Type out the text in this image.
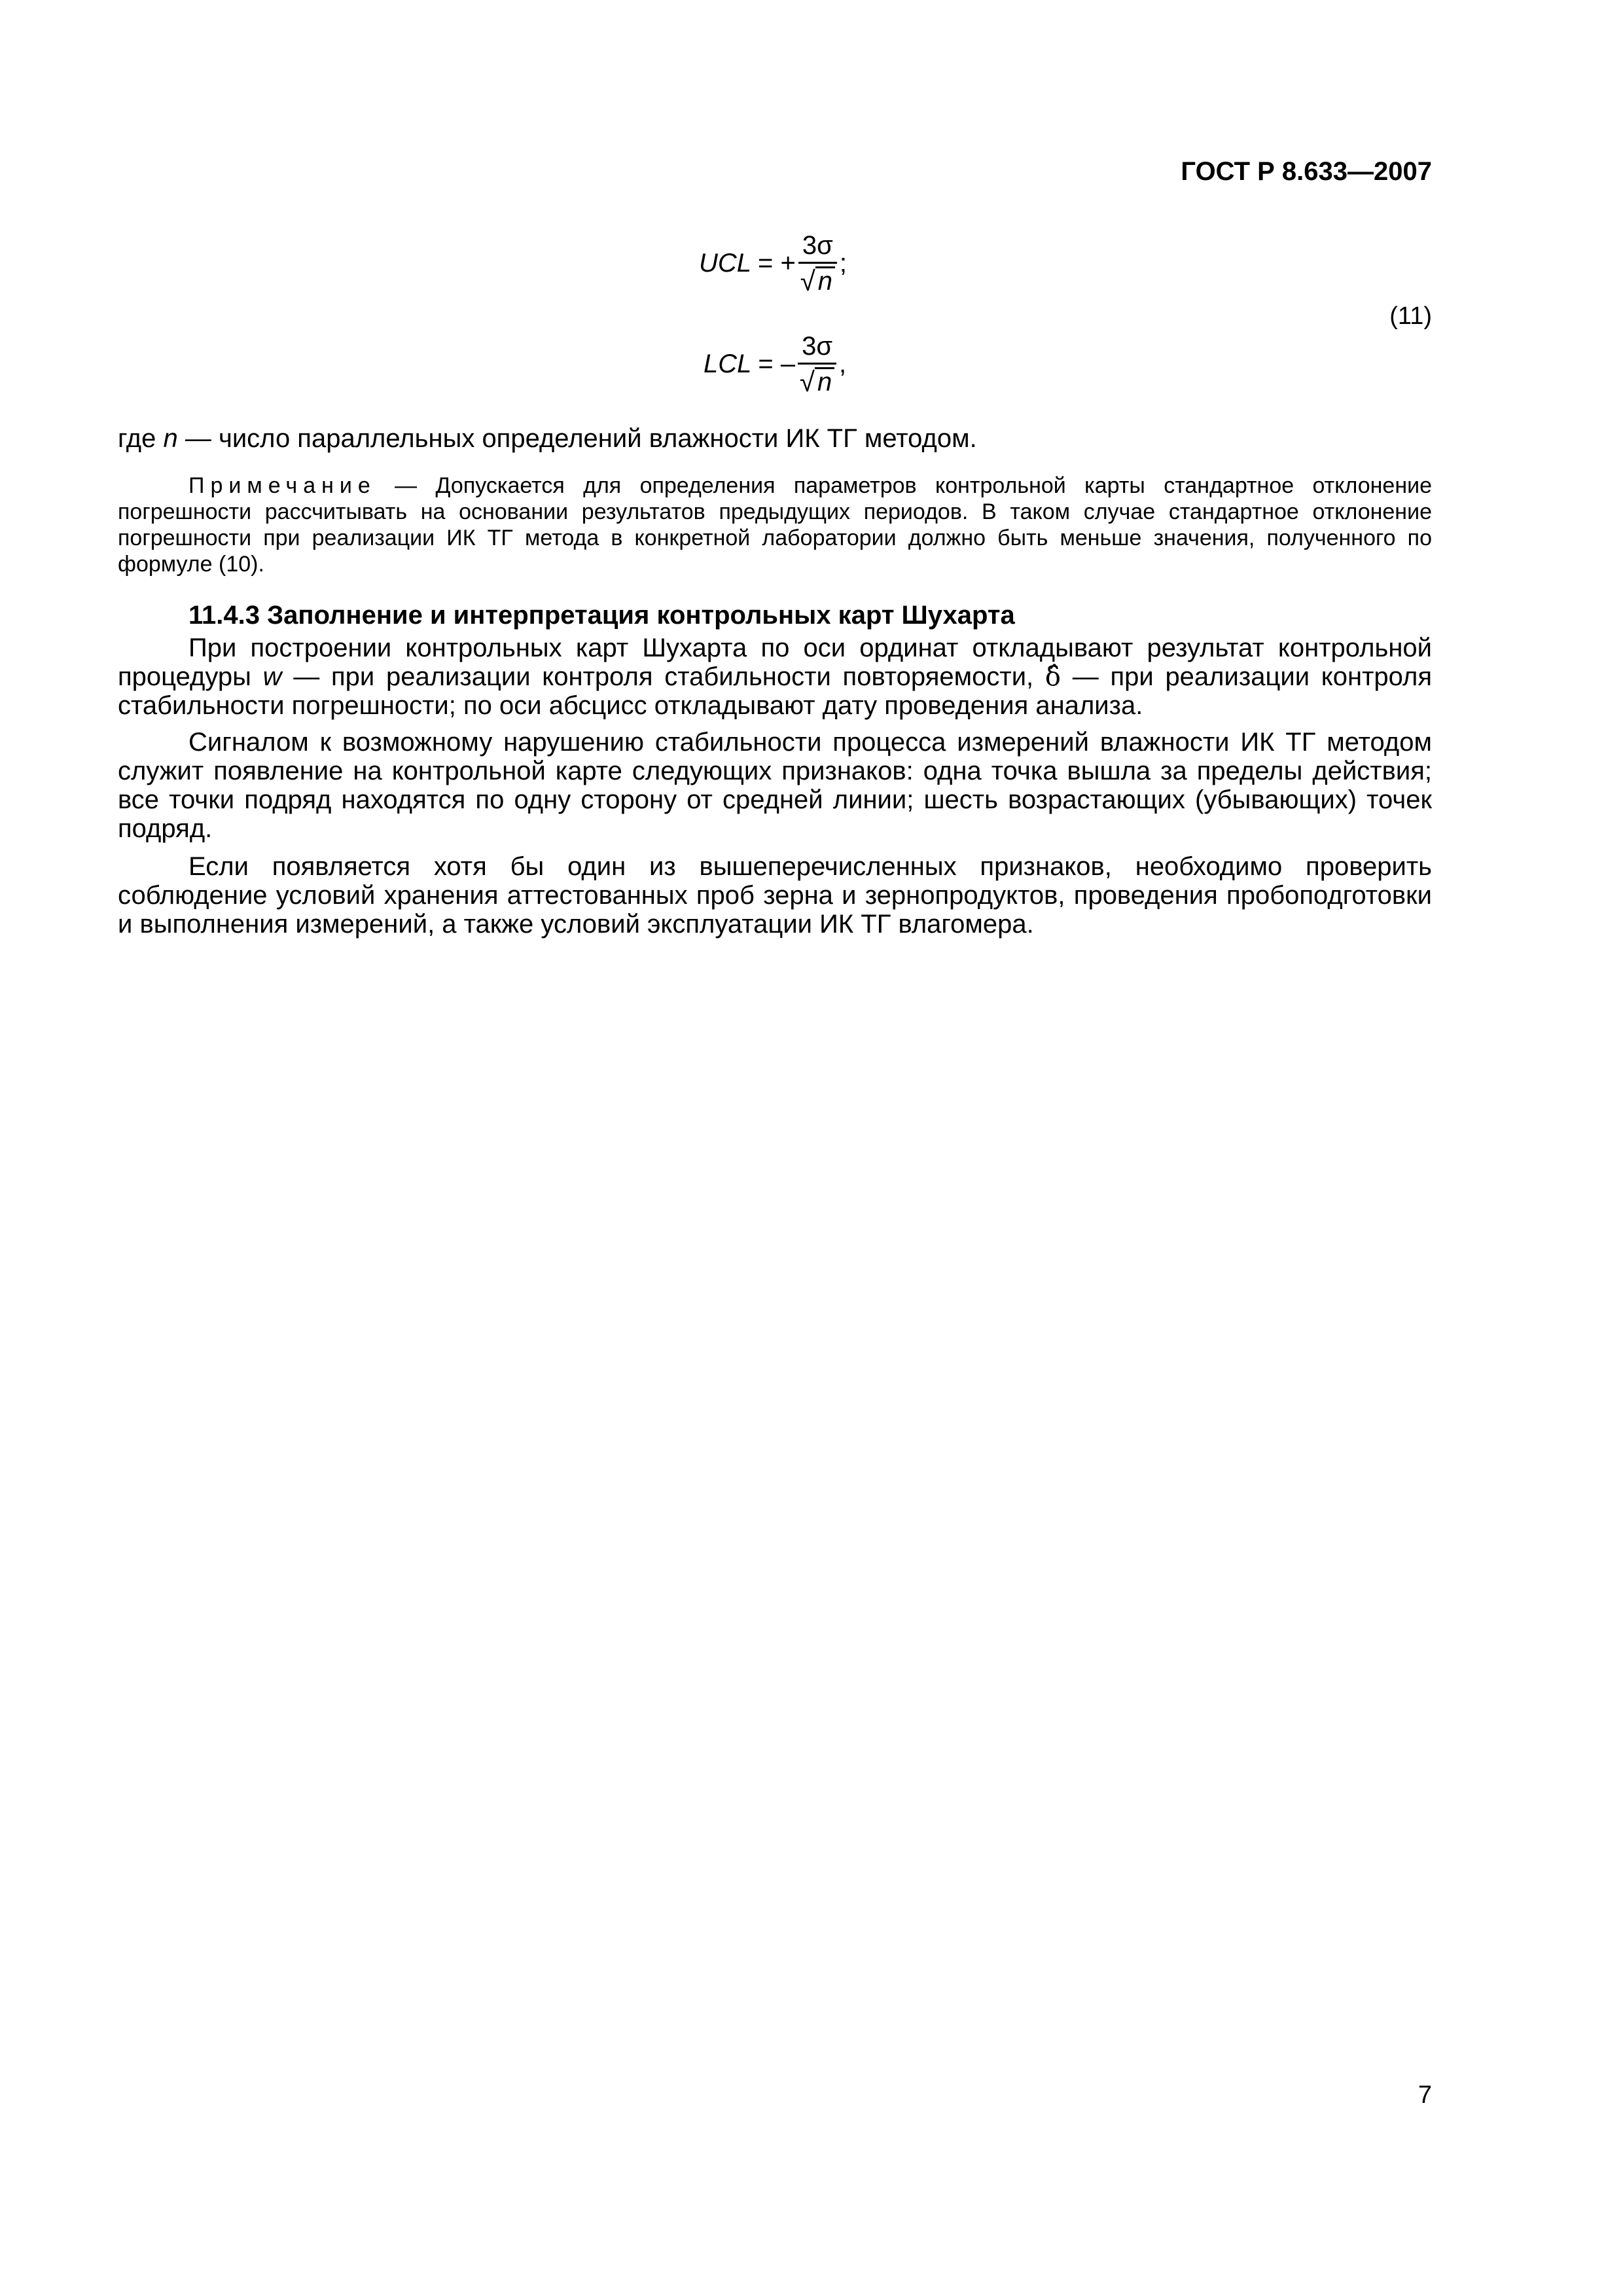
ГОСТ Р 8.633—2007
UCL = + $\frac{3\sigma}{√ n}$ ;
LCL = – $\frac{3\sigma}{√ n}$ ,
(11)
где n — число параллельных определений влажности ИК ТГ методом.
Примечание — Допускается для определения параметров контрольной карты стандартное отклонение погрешности рассчитывать на основании результатов предыдущих периодов. В таком случае стандартное отклонение погрешности при реализации ИК ТГ метода в конкретной лаборатории должно быть меньше значения, полученного по формуле (10).
11.4.3 Заполнение и интерпретация контрольных карт Шухарта
При построении контрольных карт Шухарта по оси ординат откладывают результат контрольной процедуры w — при реализации контроля стабильности повторяемости, δ̂ — при реализации контроля стабильности погрешности; по оси абсцисс откладывают дату проведения анализа.
Сигналом к возможному нарушению стабильности процесса измерений влажности ИК ТГ методом служит появление на контрольной карте следующих признаков: одна точка вышла за пределы действия; все точки подряд находятся по одну сторону от средней линии; шесть возрастающих (убывающих) точек подряд.
Если появляется хотя бы один из вышеперечисленных признаков, необходимо проверить соблюдение условий хранения аттестованных проб зерна и зернопродуктов, проведения пробоподготовки и выполнения измерений, а также условий эксплуатации ИК ТГ влагомера.
7
